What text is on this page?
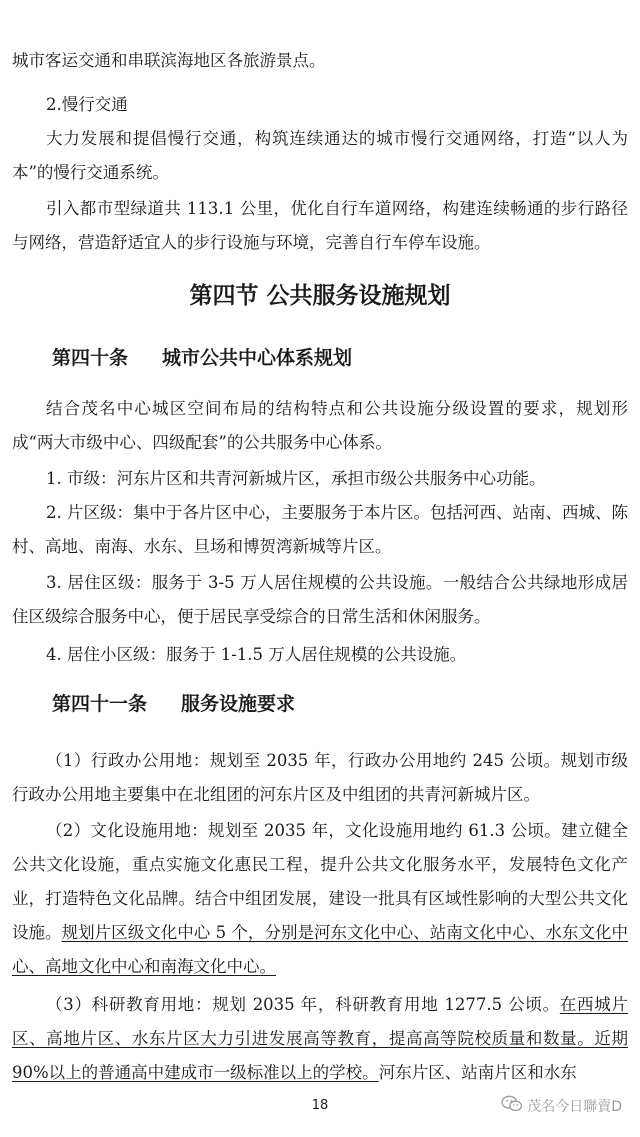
城市客运交通和串联滨海地区各旅游景点。
2.慢行交通
大力发展和提倡慢行交通，构筑连续通达的城市慢行交通网络，打造“以人为本”的慢行交通系统。
引入都市型绿道共 113.1 公里，优化自行车道网络，构建连续畅通的步行路径与网络，营造舒适宜人的步行设施与环境，完善自行车停车设施。
第四节 公共服务设施规划
第四十条 城市公共中心体系规划
结合茂名中心城区空间布局的结构特点和公共设施分级设置的要求，规划形成“两大市级中心、四级配套”的公共服务中心体系。
1. 市级：河东片区和共青河新城片区，承担市级公共服务中心功能。
2. 片区级：集中于各片区中心，主要服务于本片区。包括河西、站南、西城、陈村、高地、南海、水东、旦场和博贺湾新城等片区。
3. 居住区级：服务于 3-5 万人居住规模的公共设施。一般结合公共绿地形成居住区级综合服务中心，便于居民享受综合的日常生活和休闲服务。
4. 居住小区级：服务于 1-1.5 万人居住规模的公共设施。
第四十一条 服务设施要求
（1）行政办公用地：规划至 2035 年，行政办公用地约 245 公顷。规划市级行政办公用地主要集中在北组团的河东片区及中组团的共青河新城片区。
（2）文化设施用地：规划至 2035 年，文化设施用地约 61.3 公顷。建立健全公共文化设施，重点实施文化惠民工程，提升公共文化服务水平，发展特色文化产业，打造特色文化品牌。结合中组团发展，建设一批具有区域性影响的大型公共文化设施。规划片区级文化中心 5 个，分别是河东文化中心、站南文化中心、水东文化中心、高地文化中心和南海文化中心。
（3）科研教育用地：规划 2035 年，科研教育用地 1277.5 公顷。在西城片区、高地片区、水东片区大力引进发展高等教育，提高高等院校质量和数量。近期 90%以上的普通高中建成市一级标准以上的学校。河东片区、站南片区和水东
18	茂名今日聯賣D
